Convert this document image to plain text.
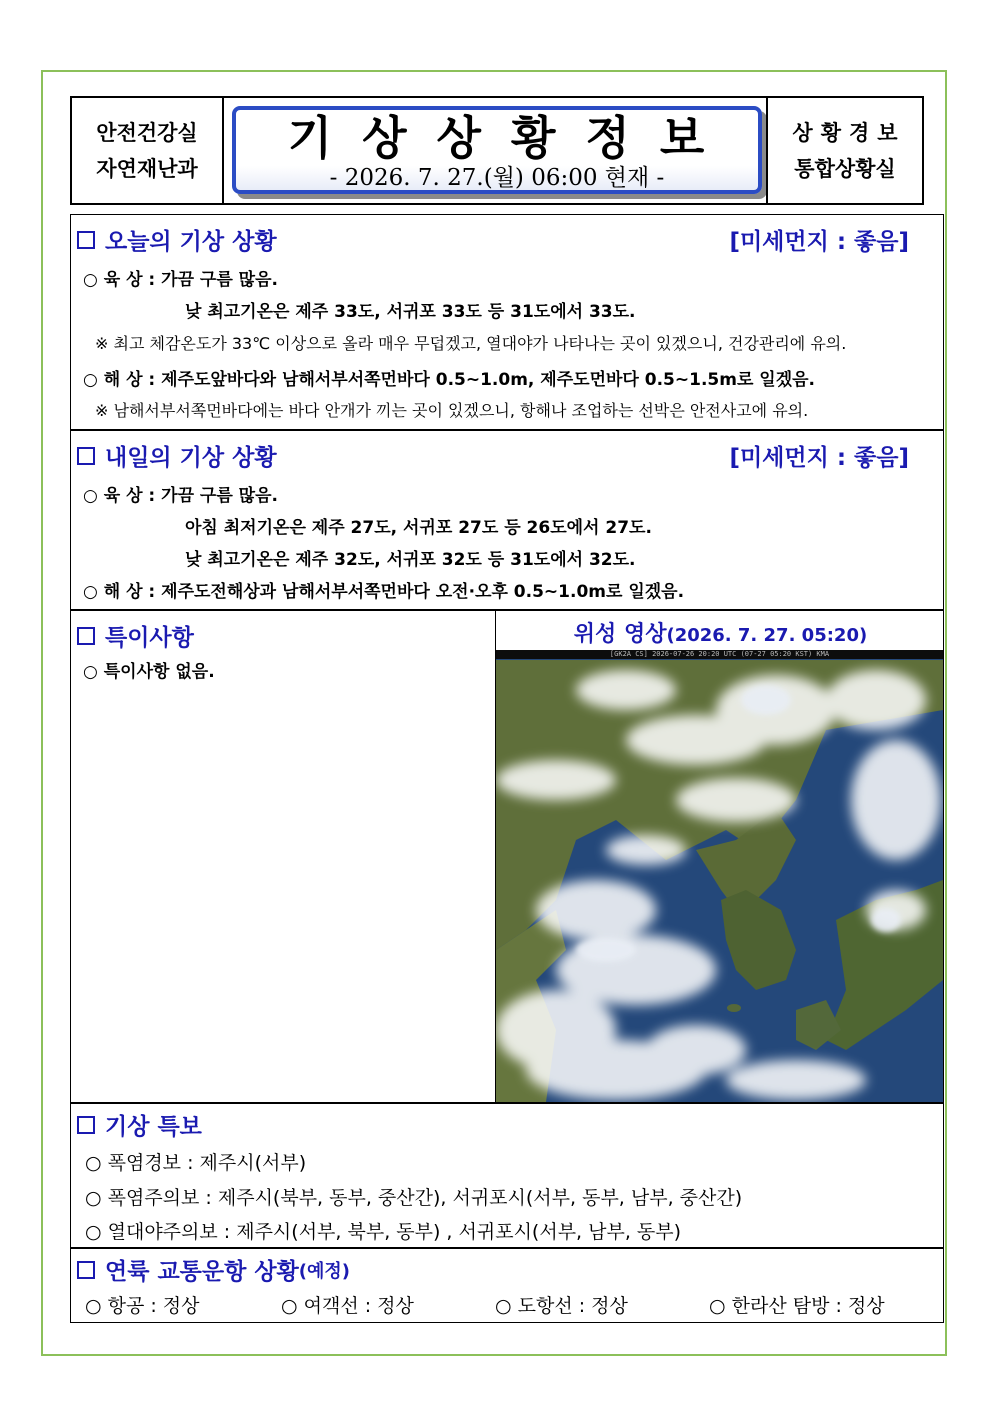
안전건강실
자연재난과
기상상황정보
- 2026. 7. 27.(월) 06:00 현재 -
상황경보
통합상황실
오늘의 기상 상황	[미세먼지 : 좋음]
○ 육 상 : 가끔 구름 많음.
낮 최고기온은 제주 33도, 서귀포 33도 등 31도에서 33도.
※ 최고 체감온도가 33℃ 이상으로 올라 매우 무덥겠고, 열대야가 나타나는 곳이 있겠으니, 건강관리에 유의.
○ 해 상 : 제주도앞바다와 남해서부서쪽먼바다 0.5~1.0m, 제주도먼바다 0.5~1.5m로 일겠음.
※ 남해서부서쪽먼바다에는 바다 안개가 끼는 곳이 있겠으니, 항해나 조업하는 선박은 안전사고에 유의.
내일의 기상 상황	[미세먼지 : 좋음]
○ 육 상 : 가끔 구름 많음.
아침 최저기온은 제주 27도, 서귀포 27도 등 26도에서 27도.
낮 최고기온은 제주 32도, 서귀포 32도 등 31도에서 32도.
○ 해 상 : 제주도전해상과 남해서부서쪽먼바다 오전·오후 0.5~1.0m로 일겠음.
특이사항
○ 특이사항 없음.
위성 영상(2026. 7. 27. 05:20)
[GK2A CS] 2026-07-26 20:20 UTC (07-27 05:20 KST) KMA
기상 특보
○ 폭염경보 : 제주시(서부)
○ 폭염주의보 : 제주시(북부, 동부, 중산간), 서귀포시(서부, 동부, 남부, 중산간)
○ 열대야주의보 : 제주시(서부, 북부, 동부) , 서귀포시(서부, 남부, 동부)
연륙 교통운항 상황 (예정)
○ 항공 : 정상	○ 여객선 : 정상	○ 도항선 : 정상	○ 한라산 탐방 : 정상
